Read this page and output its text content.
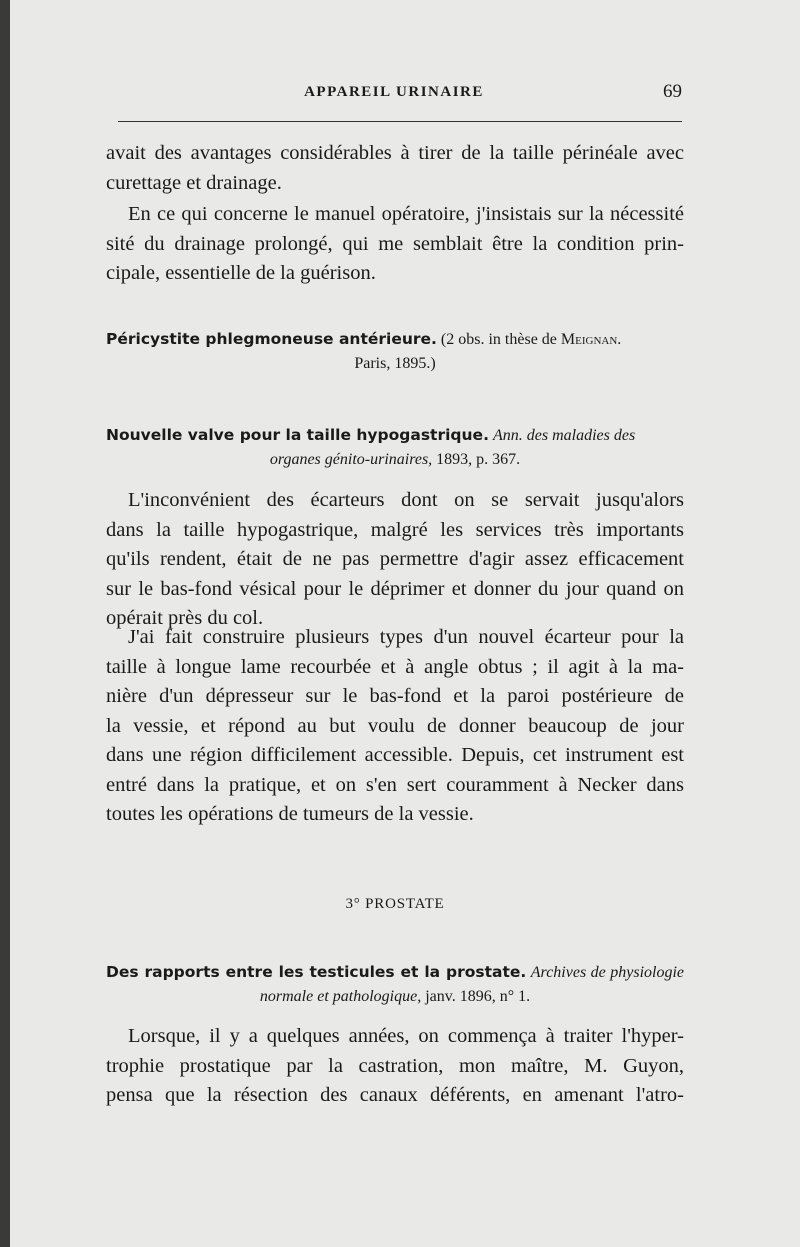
APPAREIL URINAIRE	69

avait des avantages considérables à tirer de la taille périnéale avec
curettage et drainage.

En ce qui concerne le manuel opératoire, j'insistais sur la nécessité
sité du drainage prolongé, qui me semblait être la condition prin-
cipale, essentielle de la guérison.

Péricystite phlegmoneuse antérieure. (2 obs. in thèse de Meignan.
Paris, 1895.)
Nouvelle valve pour la taille hypogastrique. Ann. des maladies des
organes génito-urinaires, 1893, p. 367.

L'inconvénient des écarteurs dont on se servait jusqu'alors
dans la taille hypogastrique, malgré les services très importants
qu'ils rendent, était de ne pas permettre d'agir assez efficacement
sur le bas-fond vésical pour le déprimer et donner du jour quand on
opérait près du col.

J'ai fait construire plusieurs types d'un nouvel écarteur pour la
taille à longue lame recourbée et à angle obtus ; il agit à la ma-
nière d'un dépresseur sur le bas-fond et la paroi postérieure de
la vessie, et répond au but voulu de donner beaucoup de jour
dans une région difficilement accessible. Depuis, cet instrument est
entré dans la pratique, et on s'en sert couramment à Necker dans
toutes les opérations de tumeurs de la vessie.

3° PROSTATE
Des rapports entre les testicules et la prostate. Archives de physiologie
normale et pathologique, janv. 1896, n° 1.

Lorsque, il y a quelques années, on commença à traiter l'hyper-
trophie prostatique par la castration, mon maître, M. Guyon,
pensa que la résection des canaux déférents, en amenant l'atro-
